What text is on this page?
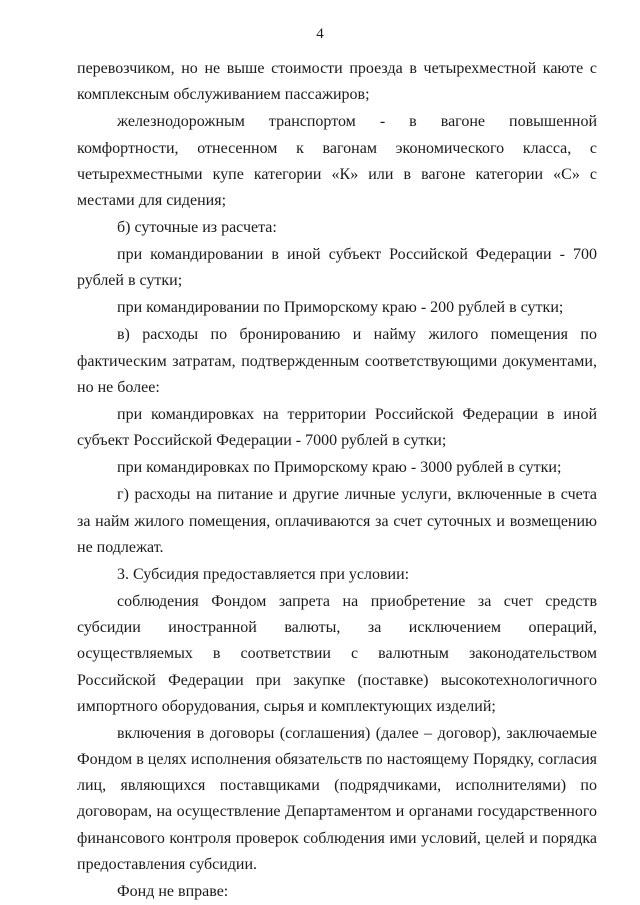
4

перевозчиком, но не выше стоимости проезда в четырехместной каюте с комплексным обслуживанием пассажиров;

железнодорожным транспортом - в вагоне повышенной комфортности, отнесенном к вагонам экономического класса, с четырехместными купе категории «К» или в вагоне категории «С» с местами для сидения;

б) суточные из расчета:

при командировании в иной субъект Российской Федерации - 700 рублей в сутки;

при командировании по Приморскому краю - 200 рублей в сутки;

в) расходы по бронированию и найму жилого помещения по фактическим затратам, подтвержденным соответствующими документами, но не более:

при командировках на территории Российской Федерации в иной субъект Российской Федерации - 7000 рублей в сутки;

при командировках по Приморскому краю - 3000 рублей в сутки;

г) расходы на питание и другие личные услуги, включенные в счета за найм жилого помещения, оплачиваются за счет суточных и возмещению не подлежат.

3. Субсидия предоставляется при условии:

соблюдения Фондом запрета на приобретение за счет средств субсидии иностранной валюты, за исключением операций, осуществляемых в соответствии с валютным законодательством Российской Федерации при закупке (поставке) высокотехнологичного импортного оборудования, сырья и комплектующих изделий;

включения в договоры (соглашения) (далее – договор), заключаемые Фондом в целях исполнения обязательств по настоящему Порядку, согласия лиц, являющихся поставщиками (подрядчиками, исполнителями) по договорам, на осуществление Департаментом и органами государственного финансового контроля проверок соблюдения ими условий, целей и порядка предоставления субсидии.

Фонд не вправе:
